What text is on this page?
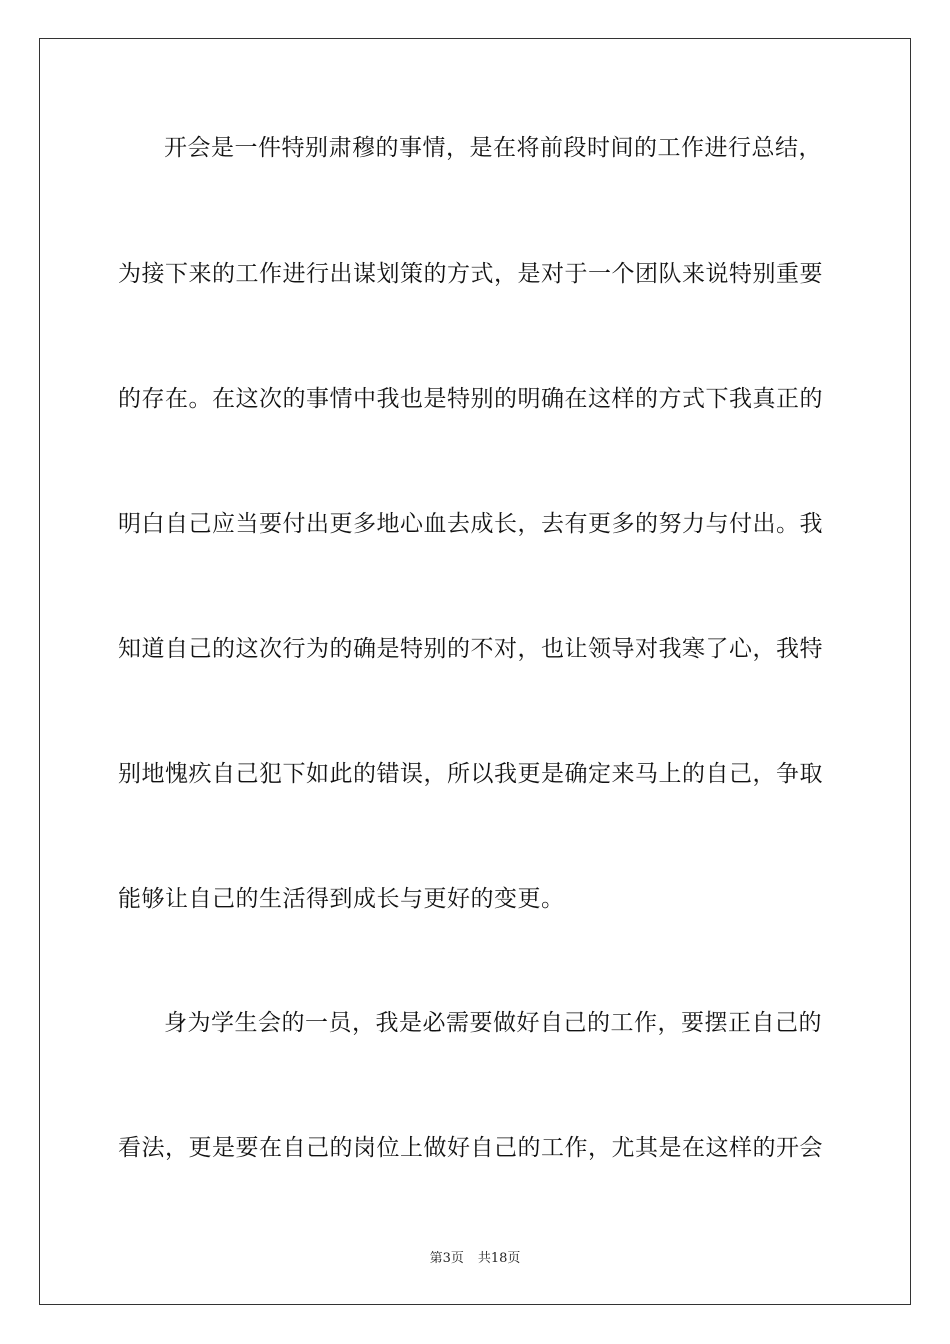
开会是一件特别肃穆的事情，是在将前段时间的工作进行总结，
为接下来的工作进行出谋划策的方式，是对于一个团队来说特别重要
的存在。在这次的事情中我也是特别的明确在这样的方式下我真正的
明白自己应当要付出更多地心血去成长，去有更多的努力与付出。我
知道自己的这次行为的确是特别的不对，也让领导对我寒了心，我特
别地愧疚自己犯下如此的错误，所以我更是确定来马上的自己，争取
能够让自己的生活得到成长与更好的变更。
身为学生会的一员，我是必需要做好自己的工作，要摆正自己的
看法，更是要在自己的岗位上做好自己的工作，尤其是在这样的开会
第3页 共18页
